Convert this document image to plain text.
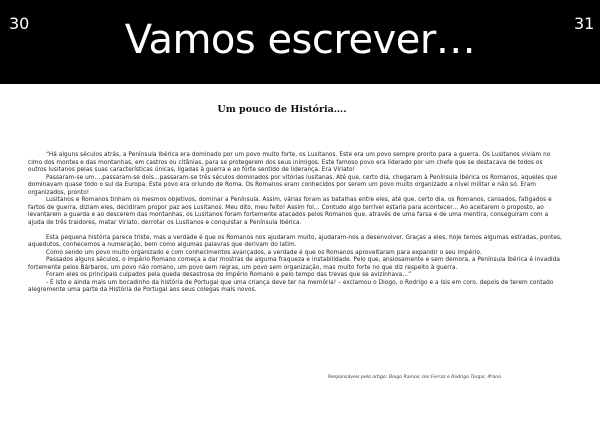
30	Vamos escrever…	31
Um pouco de História….

“Há alguns séculos atrás, a Península Ibérica era dominado por um povo muito forte, os Lusitanos. Este era um povo sempre pronto para a guerra. Os Lusitanos viviam no cimo dos montes e das montanhas, em castros ou citânias, para se protegerem dos seus inimigos. Este famoso povo era liderado por um chefe que se destacava de todos os outros lusitanos pelas suas características únicas, ligadas à guerra e ao forte sentido de liderança. Era Viriato!

Passaram-se um….passaram-se dois…passaram-se três séculos dominados por vitórias lusitanas. Até que, certo dia, chegaram à Península Ibérica os Romanos, aqueles que dominavam quase todo o sul da Europa. Este povo era oriundo de Roma. Os Romanos eram conhecidos por serem um povo muito organizado a nível militar e não só. Eram organizados, pronto!

Lusitanos e Romanos tinham os mesmos objetivos, dominar a Península. Assim, várias foram as batalhas entre eles, até que, certo dia, os Romanos, cansados, fatigados e fartos de guerra, diziam eles, decidiram propor paz aos Lusitanos. Meu dito, meu feito! Assim foi… Contudo algo terrível estaria para acontecer… Ao aceitarem o proposto, ao levantarem a guarda e ao descerem das montanhas, os Lusitanos foram fortemente atacados pelos Romanos que, através de uma farsa e de uma mentira, conseguiram com a ajuda de três traidores, matar Viriato, derrotar os Lusitanos e conquistar a Península Ibérica.

Esta pequena história parece triste, mas a verdade é que os Romanos nos ajudaram muito, ajudaram-nos a desenvolver. Graças a eles, hoje temos algumas estradas, pontes, aquedutos, conhecemos a numeração, bem como algumas palavras que derivam do latim.

Como sendo um povo muito organizado e com conhecimentos avançados, a verdade é que os Romanos aproveitaram para expandir o seu império.

Passados alguns séculos, o império Romano começa a dar mostras de alguma fraqueza e instabilidade. Pelo que, ansiosamente e sem demora, a Península Ibérica é invadida fortemente pelos Bárbaros, um povo não romano, um povo sem regras, um povo sem organização, mas muito forte no que diz respeito à guerra.

Foram eles os principais culpados pela queda desastrosa do Império Romano e pelo tempo das trevas que se avizinhava…”

- É isto e ainda mais um bocadinho da história de Portugal que uma criança deve ter na memória! – exclamou o Diogo, o Rodrigo e a Isis em coro, depois de terem contado alegremente uma parte da História de Portugal aos seus colegas mais novos.

Responsáveis pelo artigo: Diogo Ramos, Isis Ferraz e Rodrigo Torgal, 4ºano
